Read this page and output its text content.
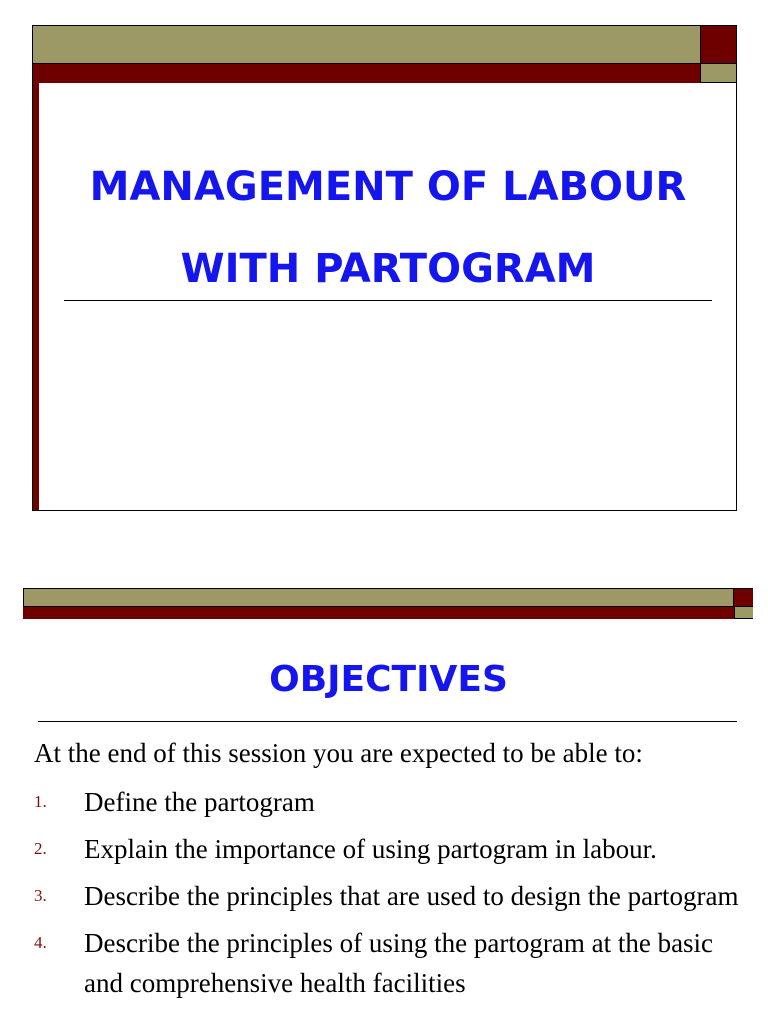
MANAGEMENT OF LABOUR
WITH PARTOGRAM
OBJECTIVES

At the end of this session you are expected to be able to:

1. Define the partogram
2. Explain the importance of using partogram in labour.
3. Describe the principles that are used to design the partogram
4. Describe the principles of using the partogram at the basic and comprehensive health facilities
